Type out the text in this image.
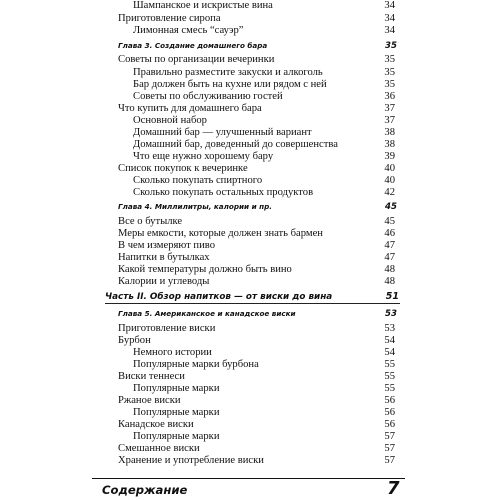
Шампанское и искристые вина	34
Приготовление сиропа	34
Лимонная смесь “сауэр”	34
Глава 3. Создание домашнего бара	35
Советы по организации вечеринки	35
Правильно разместите закуски и алкоголь	35
Бар должен быть на кухне или рядом с ней	35
Советы по обслуживанию гостей	36
Что купить для домашнего бара	37
Основной набор	37
Домашний бар — улучшенный вариант	38
Домашний бар, доведенный до совершенства	38
Что еще нужно хорошему бару	39
Список покупок к вечеринке	40
Сколько покупать спиртного	40
Сколько покупать остальных продуктов	42
Глава 4. Миллилитры, калории и пр.	45
Все о бутылке	45
Меры емкости, которые должен знать бармен	46
В чем измеряют пиво	47
Напитки в бутылках	47
Какой температуры должно быть вино	48
Калории и углеводы	48
Часть II. Обзор напитков — от виски до вина	51
Глава 5. Американское и канадское виски	53
Приготовление виски	53
Бурбон	54
Немного истории	54
Популярные марки бурбона	55
Виски теннеси	55
Популярные марки	55
Ржаное виски	56
Популярные марки	56
Канадское виски	56
Популярные марки	57
Смешанное виски	57
Хранение и употребление виски	57
Содержание	7
